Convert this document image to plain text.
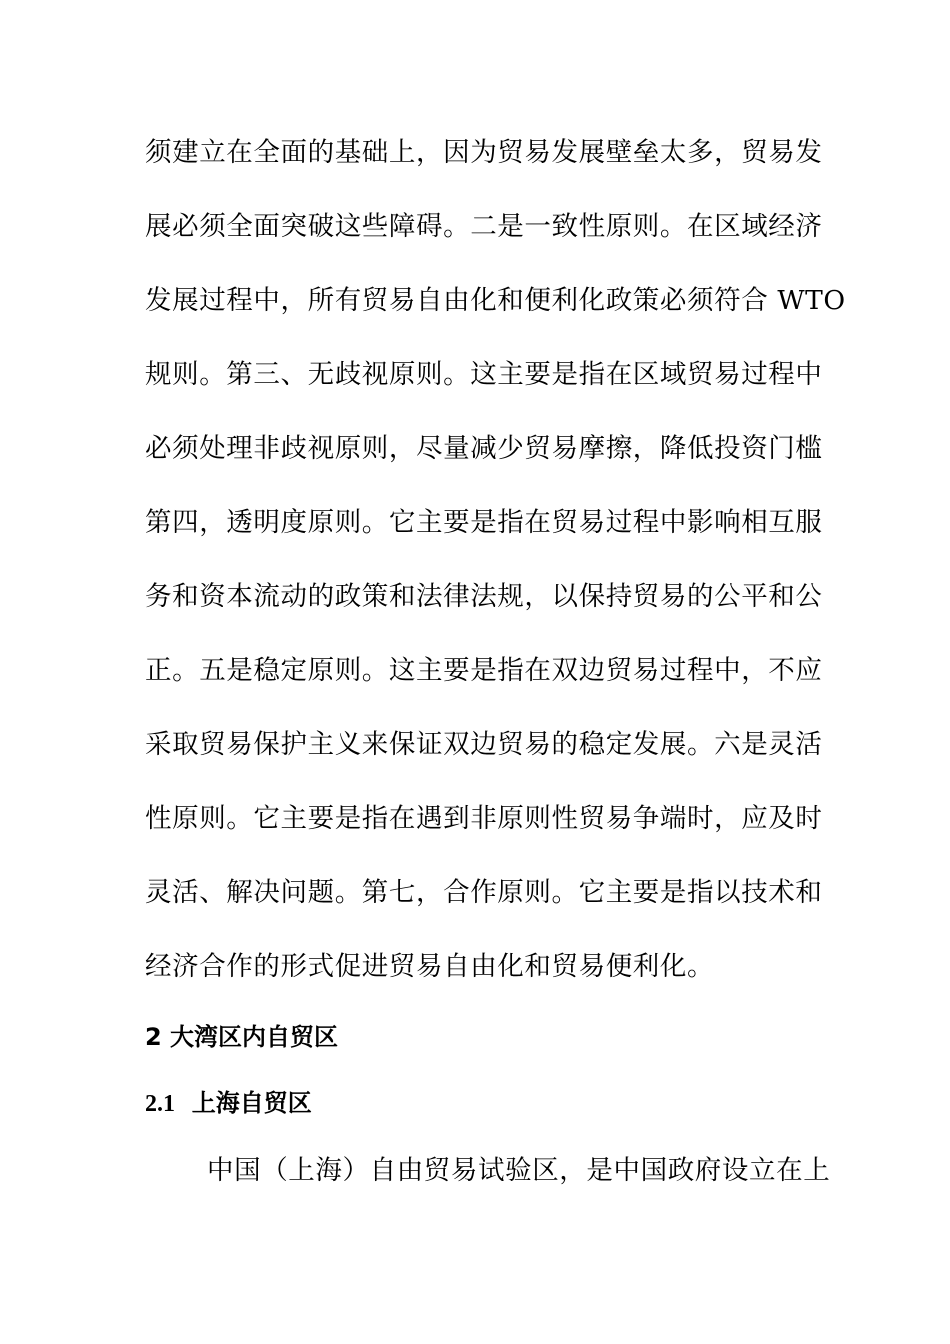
须建立在全面的基础上，因为贸易发展壁垒太多，贸易发
展必须全面突破这些障碍。二是一致性原则。在区域经济
发展过程中，所有贸易自由化和便利化政策必须符合 WTO
规则。第三、无歧视原则。这主要是指在区域贸易过程中
必须处理非歧视原则，尽量减少贸易摩擦，降低投资门槛
第四，透明度原则。它主要是指在贸易过程中影响相互服
务和资本流动的政策和法律法规，以保持贸易的公平和公
正。五是稳定原则。这主要是指在双边贸易过程中，不应
采取贸易保护主义来保证双边贸易的稳定发展。六是灵活
性原则。它主要是指在遇到非原则性贸易争端时，应及时
灵活、解决问题。第七，合作原则。它主要是指以技术和
经济合作的形式促进贸易自由化和贸易便利化。
2 大湾区内自贸区
2.1 上海自贸区
中国（上海）自由贸易试验区，是中国政府设立在上
